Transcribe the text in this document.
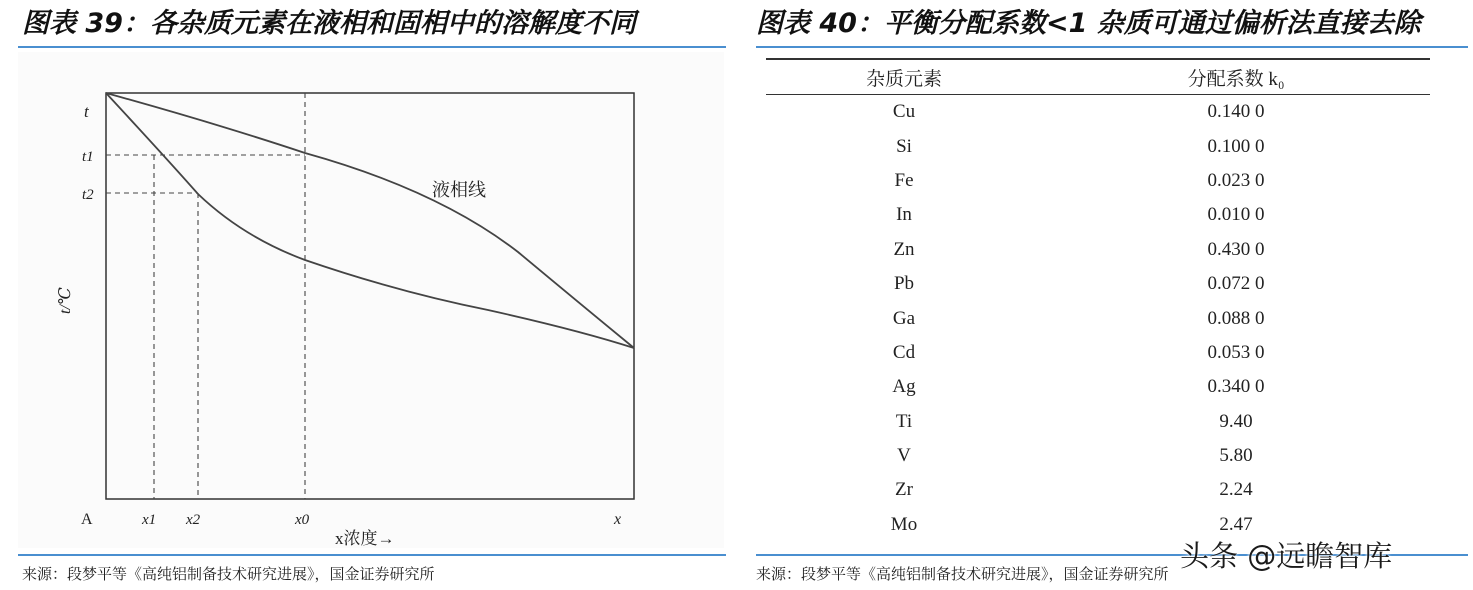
图表 39：各杂质元素在液相和固相中的溶解度不同
t
t1
t2
t/℃
A	x1 x2	x0	x
x浓度→
液相线
来源：段梦平等《高纯铝制备技术研究进展》，国金证券研究所
图表 40：平衡分配系数<1 杂质可通过偏析法直接去除
杂质元素	分配系数 k₀
Cu	0.140 0
Si	0.100 0
Fe	0.023 0
In	0.010 0
Zn	0.430 0
Pb	0.072 0
Ga	0.088 0
Cd	0.053 0
Ag	0.340 0
Ti	9.40
V	5.80
Zr	2.24
Mo	2.47
来源：段梦平等《高纯铝制备技术研究进展》，国金证券研究所
头条 @远瞻智库
